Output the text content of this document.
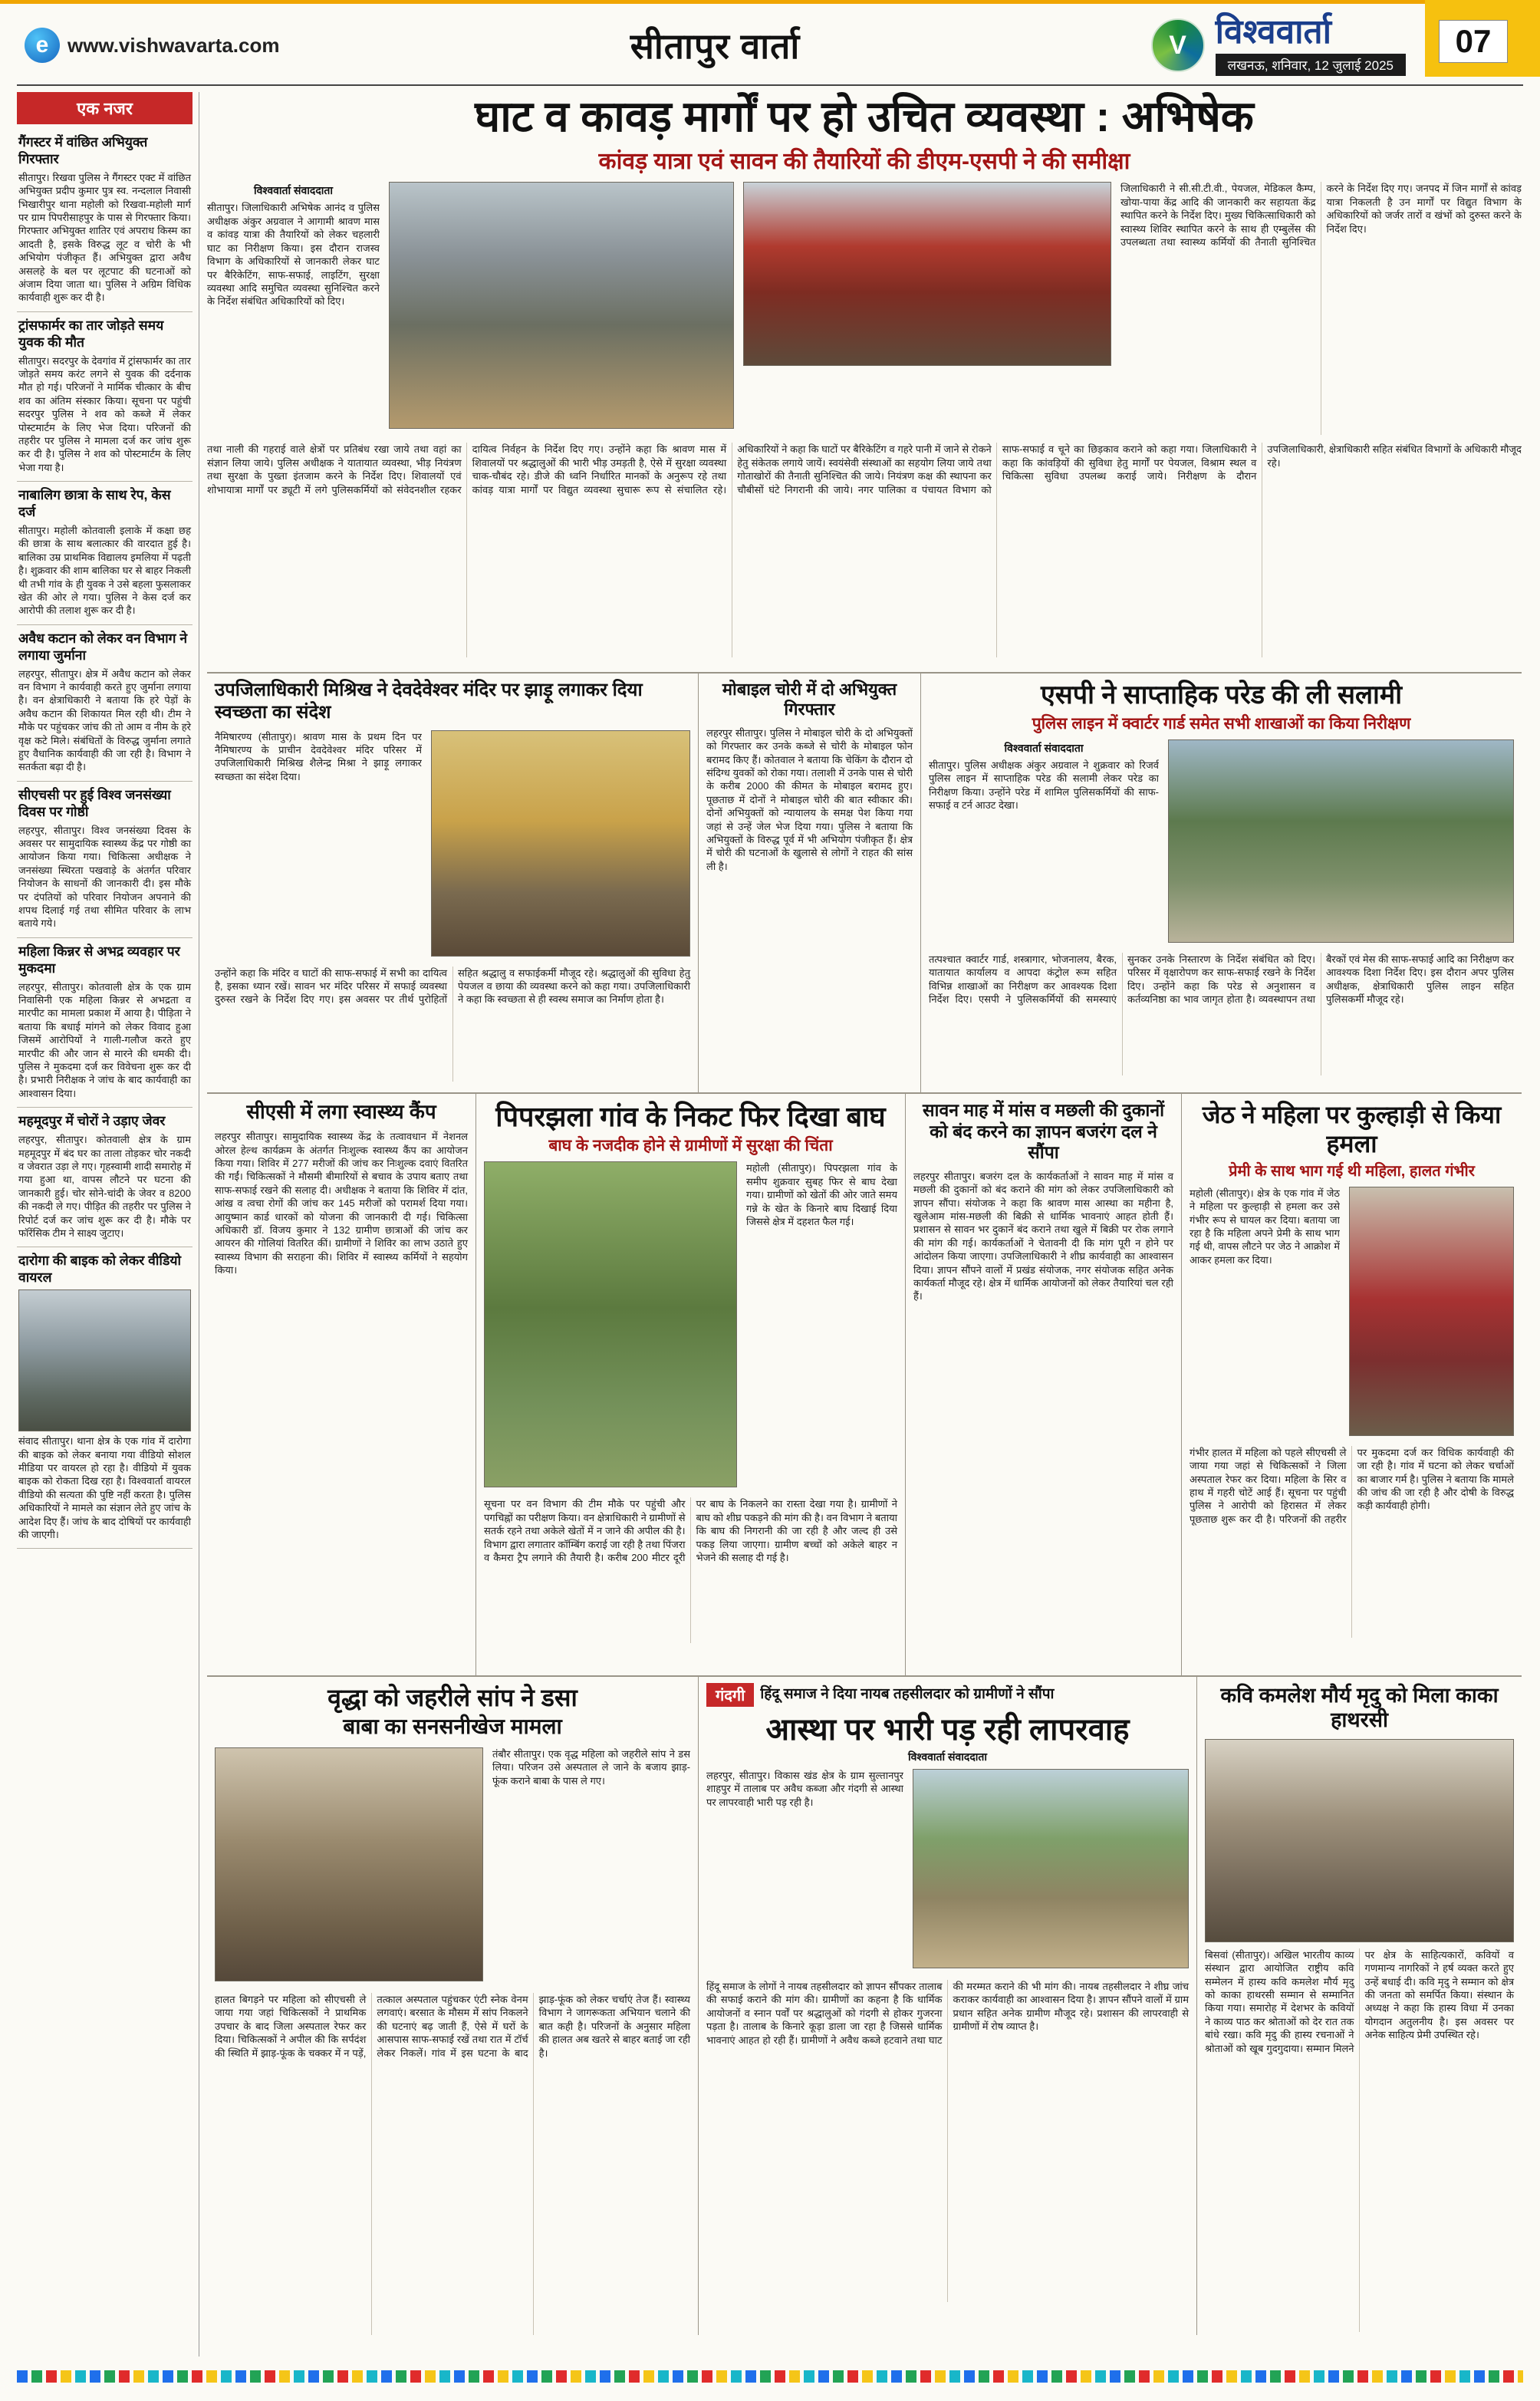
07
e www.vishwavarta.com	सीतापुर वार्ता	V विश्ववार्ता
लखनऊ, शनिवार, 12 जुलाई 2025
एक नजर
गैंगस्टर में वांछित अभियुक्त गिरफ्तार
सीतापुर। रिखवा पुलिस ने गैंगस्टर एक्ट में वांछित अभियुक्त प्रदीप कुमार पुत्र स्व. नन्दलाल निवासी भिखारीपुर थाना महोली को रिखवा-महोली मार्ग पर ग्राम पिपरीसाहपुर के पास से गिरफ्तार किया। गिरफ्तार अभियुक्त शातिर एवं अपराध किस्म का आदती है, इसके विरुद्ध लूट व चोरी के भी अभियोग पंजीकृत हैं। अभियुक्त द्वारा अवैध असलहे के बल पर लूटपाट की घटनाओं को अंजाम दिया जाता था। पुलिस ने अग्रिम विधिक कार्यवाही शुरू कर दी है।
ट्रांसफार्मर का तार जोड़ते समय युवक की मौत
सीतापुर। सदरपुर के देवगांव में ट्रांसफार्मर का तार जोड़ते समय करंट लगने से युवक की दर्दनाक मौत हो गई। परिजनों ने मार्मिक चीत्कार के बीच शव का अंतिम संस्कार किया। सूचना पर पहुंची सदरपुर पुलिस ने शव को कब्जे में लेकर पोस्टमार्टम के लिए भेज दिया। परिजनों की तहरीर पर पुलिस ने मामला दर्ज कर जांच शुरू कर दी है। पुलिस ने शव को पोस्टमार्टम के लिए भेजा गया है।
नाबालिग छात्रा के साथ रेप, केस दर्ज
सीतापुर। महोली कोतवाली इलाके में कक्षा छह की छात्रा के साथ बलात्कार की वारदात हुई है। बालिका उम्र प्राथमिक विद्यालय इमलिया में पढ़ती है। शुक्रवार की शाम बालिका घर से बाहर निकली थी तभी गांव के ही युवक ने उसे बहला फुसलाकर खेत की ओर ले गया। पुलिस ने केस दर्ज कर आरोपी की तलाश शुरू कर दी है।
अवैध कटान को लेकर वन विभाग ने लगाया जुर्माना
लहरपुर, सीतापुर। क्षेत्र में अवैध कटान को लेकर वन विभाग ने कार्यवाही करते हुए जुर्माना लगाया है। वन क्षेत्राधिकारी ने बताया कि हरे पेड़ों के अवैध कटान की शिकायत मिल रही थी। टीम ने मौके पर पहुंचकर जांच की तो आम व नीम के हरे वृक्ष कटे मिले। संबंधितों के विरुद्ध जुर्माना लगाते हुए वैधानिक कार्यवाही की जा रही है। विभाग ने सतर्कता बढ़ा दी है।
सीएचसी पर हुई विश्व जनसंख्या दिवस पर गोष्ठी
लहरपुर, सीतापुर। विश्व जनसंख्या दिवस के अवसर पर सामुदायिक स्वास्थ्य केंद्र पर गोष्ठी का आयोजन किया गया। चिकित्सा अधीक्षक ने जनसंख्या स्थिरता पखवाड़े के अंतर्गत परिवार नियोजन के साधनों की जानकारी दी। इस मौके पर दंपतियों को परिवार नियोजन अपनाने की शपथ दिलाई गई तथा सीमित परिवार के लाभ बताये गये।
महिला किन्नर से अभद्र व्यवहार पर मुकदमा
लहरपुर, सीतापुर। कोतवाली क्षेत्र के एक ग्राम निवासिनी एक महिला किन्नर से अभद्रता व मारपीट का मामला प्रकाश में आया है। पीड़िता ने बताया कि बधाई मांगने को लेकर विवाद हुआ जिसमें आरोपियों ने गाली-गलौज करते हुए मारपीट की और जान से मारने की धमकी दी। पुलिस ने मुकदमा दर्ज कर विवेचना शुरू कर दी है। प्रभारी निरीक्षक ने जांच के बाद कार्यवाही का आश्वासन दिया।
महमूदपुर में चोरों ने उड़ाए जेवर
लहरपुर, सीतापुर। कोतवाली क्षेत्र के ग्राम महमूदपुर में बंद घर का ताला तोड़कर चोर नकदी व जेवरात उड़ा ले गए। गृहस्वामी शादी समारोह में गया हुआ था, वापस लौटने पर घटना की जानकारी हुई। चोर सोने-चांदी के जेवर व 8200 की नकदी ले गए। पीड़ित की तहरीर पर पुलिस ने रिपोर्ट दर्ज कर जांच शुरू कर दी है। मौके पर फॉरेंसिक टीम ने साक्ष्य जुटाए।
दारोगा की बाइक को लेकर वीडियो वायरल
संवाद सीतापुर। थाना क्षेत्र के एक गांव में दारोगा की बाइक को लेकर बनाया गया वीडियो सोशल मीडिया पर वायरल हो रहा है। वीडियो में युवक बाइक को रोकता दिख रहा है। विश्ववार्ता वायरल वीडियो की सत्यता की पुष्टि नहीं करता है। पुलिस अधिकारियों ने मामले का संज्ञान लेते हुए जांच के आदेश दिए हैं। जांच के बाद दोषियों पर कार्यवाही की जाएगी।
घाट व कावड़ मार्गों पर हो उचित व्यवस्था : अभिषेक
कांवड़ यात्रा एवं सावन की तैयारियों की डीएम-एसपी ने की समीक्षा
विश्ववार्ता संवाददाता
सीतापुर। जिलाधिकारी अभिषेक आनंद व पुलिस अधीक्षक अंकुर अग्रवाल ने आगामी श्रावण मास व कांवड़ यात्रा की तैयारियों को लेकर चहलारी घाट का निरीक्षण किया। इस दौरान राजस्व विभाग के अधिकारियों से जानकारी लेकर घाट पर बैरिकेटिंग, साफ-सफाई, लाइटिंग, सुरक्षा व्यवस्था आदि समुचित व्यवस्था सुनिश्चित करने के निर्देश संबंधित अधिकारियों को दिए।
जिलाधिकारी ने सी.सी.टी.वी., पेयजल, मेडिकल कैम्प, खोया-पाया केंद्र आदि की जानकारी कर सहायता केंद्र स्थापित करने के निर्देश दिए। मुख्य चिकित्साधिकारी को स्वास्थ्य शिविर स्थापित करने के साथ ही एम्बुलेंस की उपलब्धता तथा स्वास्थ्य कर्मियों की तैनाती सुनिश्चित करने के निर्देश दिए गए। जनपद में जिन मार्गों से कांवड़ यात्रा निकलती है उन मार्गों पर विद्युत विभाग के अधिकारियों को जर्जर तारों व खंभों को दुरुस्त करने के निर्देश दिए।
तथा नाली की गहराई वाले क्षेत्रों पर प्रतिबंध रखा जाये तथा वहां का संज्ञान लिया जाये। पुलिस अधीक्षक ने यातायात व्यवस्था, भीड़ नियंत्रण तथा सुरक्षा के पुख्ता इंतजाम करने के निर्देश दिए। शिवालयों एवं शोभायात्रा मार्गों पर ड्यूटी में लगे पुलिसकर्मियों को संवेदनशील रहकर दायित्व निर्वहन के निर्देश दिए गए। उन्होंने कहा कि श्रावण मास में शिवालयों पर श्रद्धालुओं की भारी भीड़ उमड़ती है, ऐसे में सुरक्षा व्यवस्था चाक-चौबंद रहे। डीजे की ध्वनि निर्धारित मानकों के अनुरूप रहे तथा कांवड़ यात्रा मार्गों पर विद्युत व्यवस्था सुचारू रूप से संचालित रहे। अधिकारियों ने कहा कि घाटों पर बैरिकेटिंग व गहरे पानी में जाने से रोकने हेतु संकेतक लगाये जायें। स्वयंसेवी संस्थाओं का सहयोग लिया जाये तथा गोताखोरों की तैनाती सुनिश्चित की जाये। नियंत्रण कक्ष की स्थापना कर चौबीसों घंटे निगरानी की जाये। नगर पालिका व पंचायत विभाग को साफ-सफाई व चूने का छिड़काव कराने को कहा गया। जिलाधिकारी ने कहा कि कांवड़ियों की सुविधा हेतु मार्गों पर पेयजल, विश्राम स्थल व चिकित्सा सुविधा उपलब्ध कराई जाये। निरीक्षण के दौरान उपजिलाधिकारी, क्षेत्राधिकारी सहित संबंधित विभागों के अधिकारी मौजूद रहे।
उपजिलाधिकारी मिश्रिख ने देवदेवेश्वर मंदिर पर झाड़ू लगाकर दिया स्वच्छता का संदेश
नैमिषारण्य (सीतापुर)। श्रावण मास के प्रथम दिन पर नैमिषारण्य के प्राचीन देवदेवेश्वर मंदिर परिसर में उपजिलाधिकारी मिश्रिख शैलेन्द्र मिश्रा ने झाड़ू लगाकर स्वच्छता का संदेश दिया।
उन्होंने कहा कि मंदिर व घाटों की साफ-सफाई में सभी का दायित्व है, इसका ध्यान रखें। सावन भर मंदिर परिसर में सफाई व्यवस्था दुरुस्त रखने के निर्देश दिए गए। इस अवसर पर तीर्थ पुरोहितों सहित श्रद्धालु व सफाईकर्मी मौजूद रहे। श्रद्धालुओं की सुविधा हेतु पेयजल व छाया की व्यवस्था करने को कहा गया। उपजिलाधिकारी ने कहा कि स्वच्छता से ही स्वस्थ समाज का निर्माण होता है।
मोबाइल चोरी में दो अभियुक्त गिरफ्तार
लहरपुर सीतापुर। पुलिस ने मोबाइल चोरी के दो अभियुक्तों को गिरफ्तार कर उनके कब्जे से चोरी के मोबाइल फोन बरामद किए हैं। कोतवाल ने बताया कि चेकिंग के दौरान दो संदिग्ध युवकों को रोका गया। तलाशी में उनके पास से चोरी के करीब 2000 की कीमत के मोबाइल बरामद हुए। पूछताछ में दोनों ने मोबाइल चोरी की बात स्वीकार की। दोनों अभियुक्तों को न्यायालय के समक्ष पेश किया गया जहां से उन्हें जेल भेज दिया गया। पुलिस ने बताया कि अभियुक्तों के विरुद्ध पूर्व में भी अभियोग पंजीकृत हैं। क्षेत्र में चोरी की घटनाओं के खुलासे से लोगों ने राहत की सांस ली है।
एसपी ने साप्ताहिक परेड की ली सलामी
पुलिस लाइन में क्वार्टर गार्ड समेत सभी शाखाओं का किया निरीक्षण
विश्ववार्ता संवाददाता
सीतापुर। पुलिस अधीक्षक अंकुर अग्रवाल ने शुक्रवार को रिजर्व पुलिस लाइन में साप्ताहिक परेड की सलामी लेकर परेड का निरीक्षण किया। उन्होंने परेड में शामिल पुलिसकर्मियों की साफ-सफाई व टर्न आउट देखा।
तत्पश्चात क्वार्टर गार्ड, शस्त्रागार, भोजनालय, बैरक, यातायात कार्यालय व आपदा कंट्रोल रूम सहित विभिन्न शाखाओं का निरीक्षण कर आवश्यक दिशा निर्देश दिए। एसपी ने पुलिसकर्मियों की समस्याएं सुनकर उनके निस्तारण के निर्देश संबंधित को दिए। परिसर में वृक्षारोपण कर साफ-सफाई रखने के निर्देश दिए। उन्होंने कहा कि परेड से अनुशासन व कर्तव्यनिष्ठा का भाव जागृत होता है। व्यवस्थापन तथा बैरकों एवं मेस की साफ-सफाई आदि का निरीक्षण कर आवश्यक दिशा निर्देश दिए। इस दौरान अपर पुलिस अधीक्षक, क्षेत्राधिकारी पुलिस लाइन सहित पुलिसकर्मी मौजूद रहे।
सीएसी में लगा स्वास्थ्य कैंप
लहरपुर सीतापुर। सामुदायिक स्वास्थ्य केंद्र के तत्वावधान में नेशनल ओरल हेल्थ कार्यक्रम के अंतर्गत निःशुल्क स्वास्थ्य कैंप का आयोजन किया गया। शिविर में 277 मरीजों की जांच कर निःशुल्क दवाएं वितरित की गईं। चिकित्सकों ने मौसमी बीमारियों से बचाव के उपाय बताए तथा साफ-सफाई रखने की सलाह दी। अधीक्षक ने बताया कि शिविर में दांत, आंख व त्वचा रोगों की जांच कर 145 मरीजों को परामर्श दिया गया। आयुष्मान कार्ड धारकों को योजना की जानकारी दी गई। चिकित्सा अधिकारी डॉ. विजय कुमार ने 132 ग्रामीण छात्राओं की जांच कर आयरन की गोलियां वितरित कीं। ग्रामीणों ने शिविर का लाभ उठाते हुए स्वास्थ्य विभाग की सराहना की। शिविर में स्वास्थ्य कर्मियों ने सहयोग किया।
पिपरझला गांव के निकट फिर दिखा बाघ
बाघ के नजदीक होने से ग्रामीणों में सुरक्षा की चिंता
महोली (सीतापुर)। पिपरझला गांव के समीप शुक्रवार सुबह फिर से बाघ देखा गया। ग्रामीणों को खेतों की ओर जाते समय गन्ने के खेत के किनारे बाघ दिखाई दिया जिससे क्षेत्र में दहशत फैल गई।
सूचना पर वन विभाग की टीम मौके पर पहुंची और पगचिह्नों का परीक्षण किया। वन क्षेत्राधिकारी ने ग्रामीणों से सतर्क रहने तथा अकेले खेतों में न जाने की अपील की है। विभाग द्वारा लगातार कॉम्बिंग कराई जा रही है तथा पिंजरा व कैमरा ट्रैप लगाने की तैयारी है। करीब 200 मीटर दूरी पर बाघ के निकलने का रास्ता देखा गया है। ग्रामीणों ने बाघ को शीघ्र पकड़ने की मांग की है। वन विभाग ने बताया कि बाघ की निगरानी की जा रही है और जल्द ही उसे पकड़ लिया जाएगा। ग्रामीण बच्चों को अकेले बाहर न भेजने की सलाह दी गई है।
सावन माह में मांस व मछली की दुकानों को बंद करने का ज्ञापन बजरंग दल ने सौंपा
लहरपुर सीतापुर। बजरंग दल के कार्यकर्ताओं ने सावन माह में मांस व मछली की दुकानों को बंद कराने की मांग को लेकर उपजिलाधिकारी को ज्ञापन सौंपा। संयोजक ने कहा कि श्रावण मास आस्था का महीना है, खुलेआम मांस-मछली की बिक्री से धार्मिक भावनाएं आहत होती हैं। प्रशासन से सावन भर दुकानें बंद कराने तथा खुले में बिक्री पर रोक लगाने की मांग की गई। कार्यकर्ताओं ने चेतावनी दी कि मांग पूरी न होने पर आंदोलन किया जाएगा। उपजिलाधिकारी ने शीघ्र कार्यवाही का आश्वासन दिया। ज्ञापन सौंपने वालों में प्रखंड संयोजक, नगर संयोजक सहित अनेक कार्यकर्ता मौजूद रहे। क्षेत्र में धार्मिक आयोजनों को लेकर तैयारियां चल रही हैं।
जेठ ने महिला पर कुल्हाड़ी से किया हमला
प्रेमी के साथ भाग गई थी महिला, हालत गंभीर
महोली (सीतापुर)। क्षेत्र के एक गांव में जेठ ने महिला पर कुल्हाड़ी से हमला कर उसे गंभीर रूप से घायल कर दिया। बताया जा रहा है कि महिला अपने प्रेमी के साथ भाग गई थी, वापस लौटने पर जेठ ने आक्रोश में आकर हमला कर दिया।
गंभीर हालत में महिला को पहले सीएचसी ले जाया गया जहां से चिकित्सकों ने जिला अस्पताल रेफर कर दिया। महिला के सिर व हाथ में गहरी चोटें आई हैं। सूचना पर पहुंची पुलिस ने आरोपी को हिरासत में लेकर पूछताछ शुरू कर दी है। परिजनों की तहरीर पर मुकदमा दर्ज कर विधिक कार्यवाही की जा रही है। गांव में घटना को लेकर चर्चाओं का बाजार गर्म है। पुलिस ने बताया कि मामले की जांच की जा रही है और दोषी के विरुद्ध कड़ी कार्यवाही होगी।
वृद्धा को जहरीले सांप ने डसा
बाबा का सनसनीखेज मामला
तंबौर सीतापुर। एक वृद्ध महिला को जहरीले सांप ने डस लिया। परिजन उसे अस्पताल ले जाने के बजाय झाड़-फूंक कराने बाबा के पास ले गए।
हालत बिगड़ने पर महिला को सीएचसी ले जाया गया जहां चिकित्सकों ने प्राथमिक उपचार के बाद जिला अस्पताल रेफर कर दिया। चिकित्सकों ने अपील की कि सर्पदंश की स्थिति में झाड़-फूंक के चक्कर में न पड़ें, तत्काल अस्पताल पहुंचकर एंटी स्नेक वेनम लगवाएं। बरसात के मौसम में सांप निकलने की घटनाएं बढ़ जाती हैं, ऐसे में घरों के आसपास साफ-सफाई रखें तथा रात में टॉर्च लेकर निकलें। गांव में इस घटना के बाद झाड़-फूंक को लेकर चर्चाएं तेज हैं। स्वास्थ्य विभाग ने जागरूकता अभियान चलाने की बात कही है। परिजनों के अनुसार महिला की हालत अब खतरे से बाहर बताई जा रही है।
गंदगी	हिंदू समाज ने दिया नायब तहसीलदार को ग्रामीणों ने सौंपा
आस्था पर भारी पड़ रही लापरवाह
विश्ववार्ता संवाददाता
लहरपुर, सीतापुर। विकास खंड क्षेत्र के ग्राम सुल्तानपुर शाहपुर में तालाब पर अवैध कब्जा और गंदगी से आस्था पर लापरवाही भारी पड़ रही है।
हिंदू समाज के लोगों ने नायब तहसीलदार को ज्ञापन सौंपकर तालाब की सफाई कराने की मांग की। ग्रामीणों का कहना है कि धार्मिक आयोजनों व स्नान पर्वों पर श्रद्धालुओं को गंदगी से होकर गुजरना पड़ता है। तालाब के किनारे कूड़ा डाला जा रहा है जिससे धार्मिक भावनाएं आहत हो रही हैं। ग्रामीणों ने अवैध कब्जे हटवाने तथा घाट की मरम्मत कराने की भी मांग की। नायब तहसीलदार ने शीघ्र जांच कराकर कार्यवाही का आश्वासन दिया है। ज्ञापन सौंपने वालों में ग्राम प्रधान सहित अनेक ग्रामीण मौजूद रहे। प्रशासन की लापरवाही से ग्रामीणों में रोष व्याप्त है।
कवि कमलेश मौर्य मृदु को मिला काका हाथरसी
बिसवां (सीतापुर)। अखिल भारतीय काव्य संस्थान द्वारा आयोजित राष्ट्रीय कवि सम्मेलन में हास्य कवि कमलेश मौर्य मृदु को काका हाथरसी सम्मान से सम्मानित किया गया। समारोह में देशभर के कवियों ने काव्य पाठ कर श्रोताओं को देर रात तक बांधे रखा। कवि मृदु की हास्य रचनाओं ने श्रोताओं को खूब गुदगुदाया। सम्मान मिलने पर क्षेत्र के साहित्यकारों, कवियों व गणमान्य नागरिकों ने हर्ष व्यक्त करते हुए उन्हें बधाई दी। कवि मृदु ने सम्मान को क्षेत्र की जनता को समर्पित किया। संस्थान के अध्यक्ष ने कहा कि हास्य विधा में उनका योगदान अतुलनीय है। इस अवसर पर अनेक साहित्य प्रेमी उपस्थित रहे।
